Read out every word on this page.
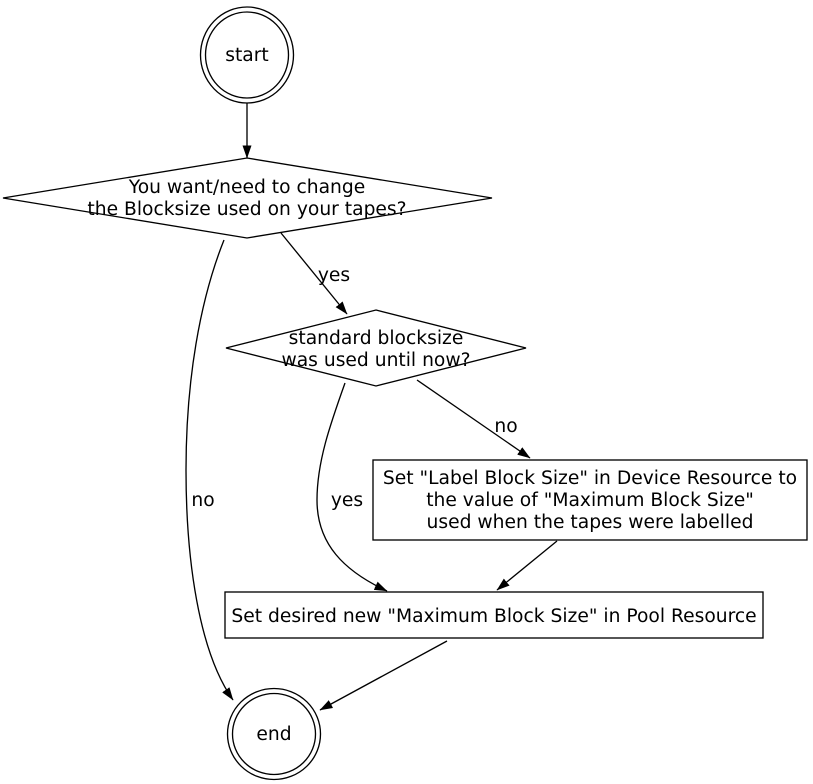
start
You want/need to change
the Blocksize used on your tapes?
yes
no
standard blocksize
was used until now?
no
yes
Set "Label Block Size" in Device Resource to
the value of "Maximum Block Size"
used when the tapes were labelled
Set desired new "Maximum Block Size" in Pool Resource
end
